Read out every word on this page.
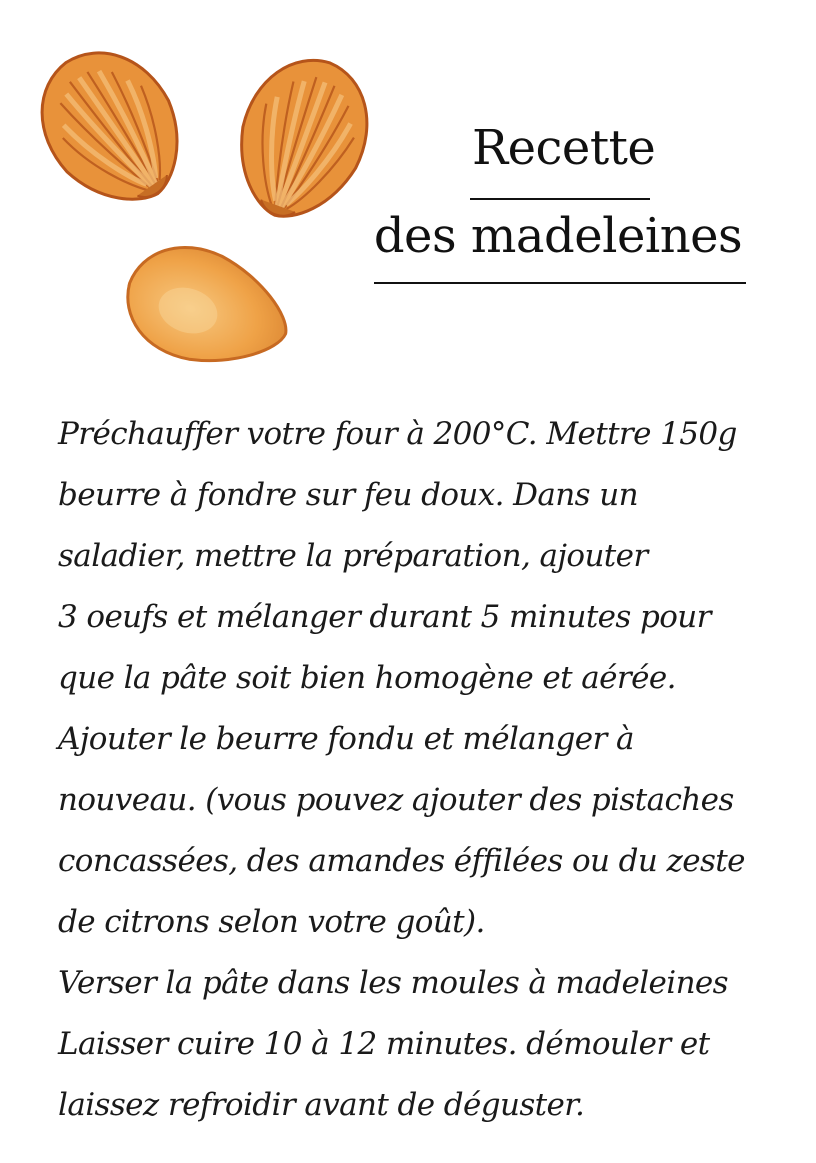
Recette
des madeleines
Préchauffer votre four à 200°C. Mettre 150g
beurre à fondre sur feu doux. Dans un
saladier, mettre la préparation, ajouter
3 oeufs et mélanger durant 5 minutes pour
que la pâte soit bien homogène et aérée.
Ajouter le beurre fondu et mélanger à
nouveau. (vous pouvez ajouter des pistaches
concassées, des amandes éffilées ou du zeste
de citrons selon votre goût).
Verser la pâte dans les moules à madeleines
Laisser cuire 10 à 12 minutes. démouler et
laissez refroidir avant de déguster.
